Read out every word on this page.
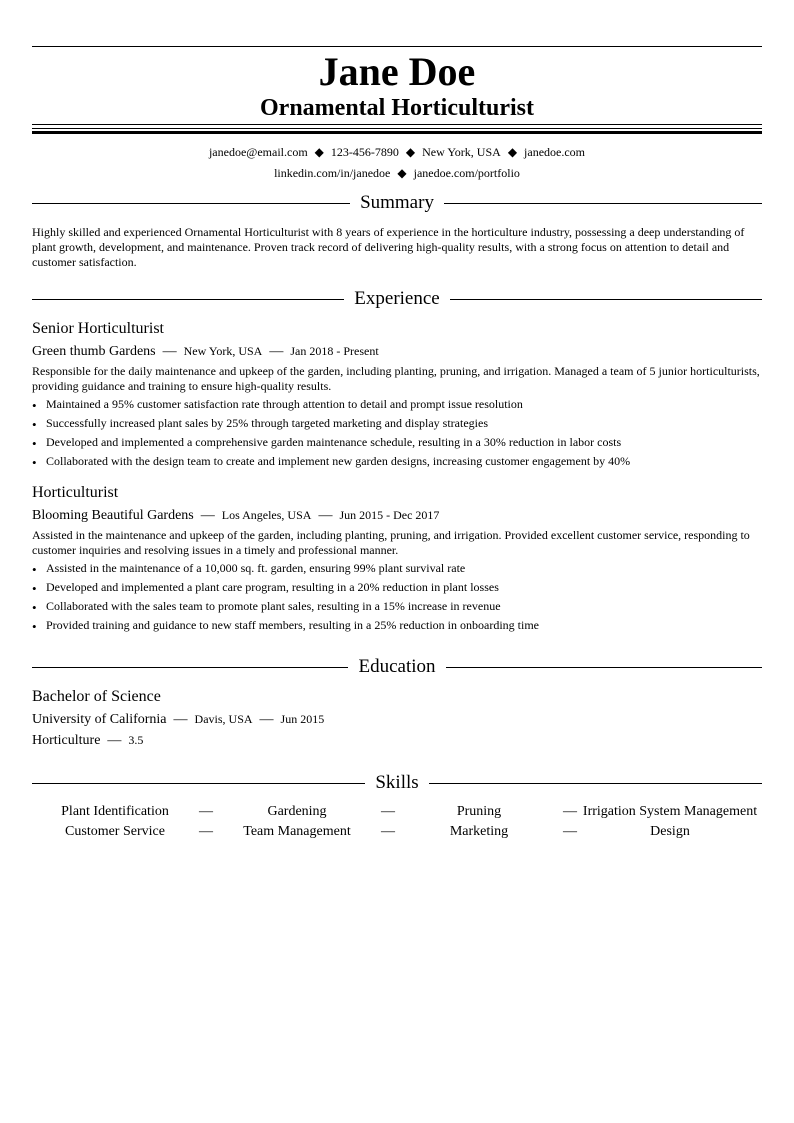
Jane Doe
Ornamental Horticulturist
janedoe@email.com ◆ 123-456-7890 ◆ New York, USA ◆ janedoe.com
linkedin.com/in/janedoe ◆ janedoe.com/portfolio
Summary

Highly skilled and experienced Ornamental Horticulturist with 8 years of experience in the horticulture industry, possessing a deep understanding of plant growth, development, and maintenance. Proven track record of delivering high-quality results, with a strong focus on attention to detail and customer satisfaction.

Experience
Senior Horticulturist
Green thumb Gardens — New York, USA — Jan 2018 - Present

Responsible for the daily maintenance and upkeep of the garden, including planting, pruning, and irrigation. Managed a team of 5 junior horticulturists, providing guidance and training to ensure high-quality results.

• Maintained a 95% customer satisfaction rate through attention to detail and prompt issue resolution
• Successfully increased plant sales by 25% through targeted marketing and display strategies
• Developed and implemented a comprehensive garden maintenance schedule, resulting in a 30% reduction in labor costs
• Collaborated with the design team to create and implement new garden designs, increasing customer engagement by 40%
Horticulturist
Blooming Beautiful Gardens — Los Angeles, USA — Jun 2015 - Dec 2017

Assisted in the maintenance and upkeep of the garden, including planting, pruning, and irrigation. Provided excellent customer service, responding to customer inquiries and resolving issues in a timely and professional manner.

• Assisted in the maintenance of a 10,000 sq. ft. garden, ensuring 99% plant survival rate
• Developed and implemented a plant care program, resulting in a 20% reduction in plant losses
• Collaborated with the sales team to promote plant sales, resulting in a 15% increase in revenue
• Provided training and guidance to new staff members, resulting in a 25% reduction in onboarding time
Education
Bachelor of Science
University of California — Davis, USA — Jun 2015
Horticulture — 3.5
Skills
Plant Identification	—	Gardening	—	Pruning	— Irrigation System Management
Customer Service	—	Team Management	—	Marketing	—	Design
